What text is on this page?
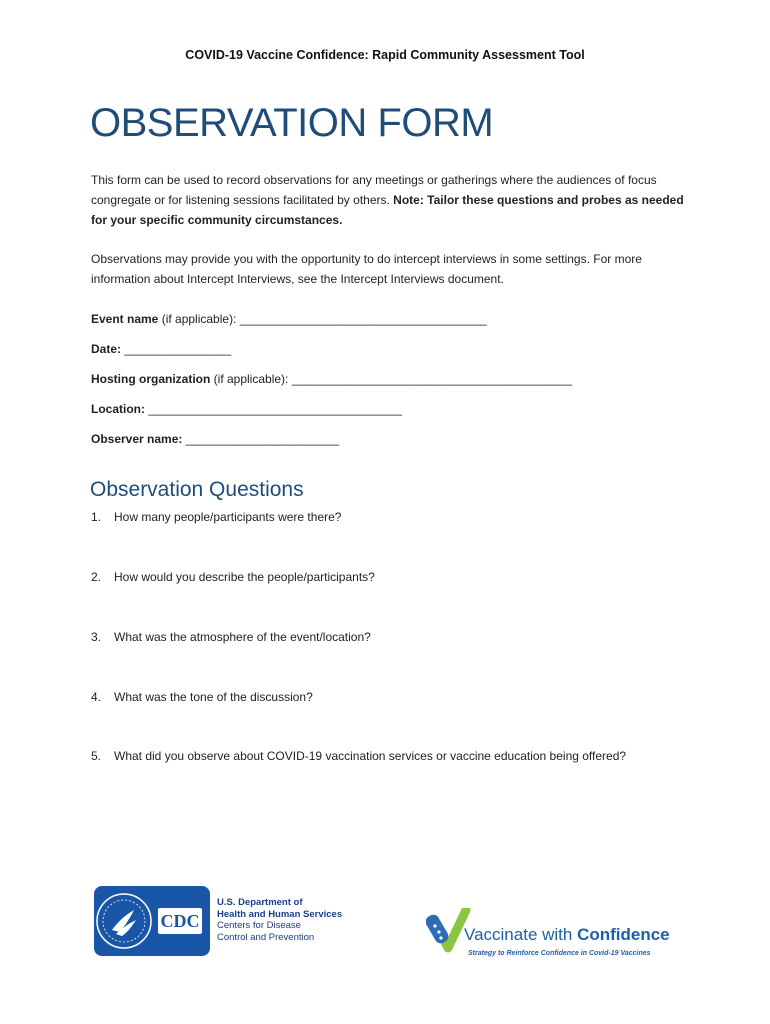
COVID-19 Vaccine Confidence: Rapid Community Assessment Tool
OBSERVATION FORM
This form can be used to record observations for any meetings or gatherings where the audiences of focus congregate or for listening sessions facilitated by others. Note: Tailor these questions and probes as needed for your specific community circumstances.
Observations may provide you with the opportunity to do intercept interviews in some settings. For more information about Intercept Interviews, see the Intercept Interviews document.
Event name (if applicable): _____________________________________
Date: ________________
Hosting organization (if applicable): __________________________________________
Location: ______________________________________
Observer name: _______________________
Observation Questions
1. How many people/participants were there?
2. How would you describe the people/participants?
3. What was the atmosphere of the event/location?
4. What was the tone of the discussion?
5. What did you observe about COVID-19 vaccination services or vaccine education being offered?
CDC
U.S. Department of
Health and Human Services
Centers for Disease
Control and Prevention	Vaccinate with Confidence
Strategy to Reinforce Confidence in Covid-19 Vaccines
